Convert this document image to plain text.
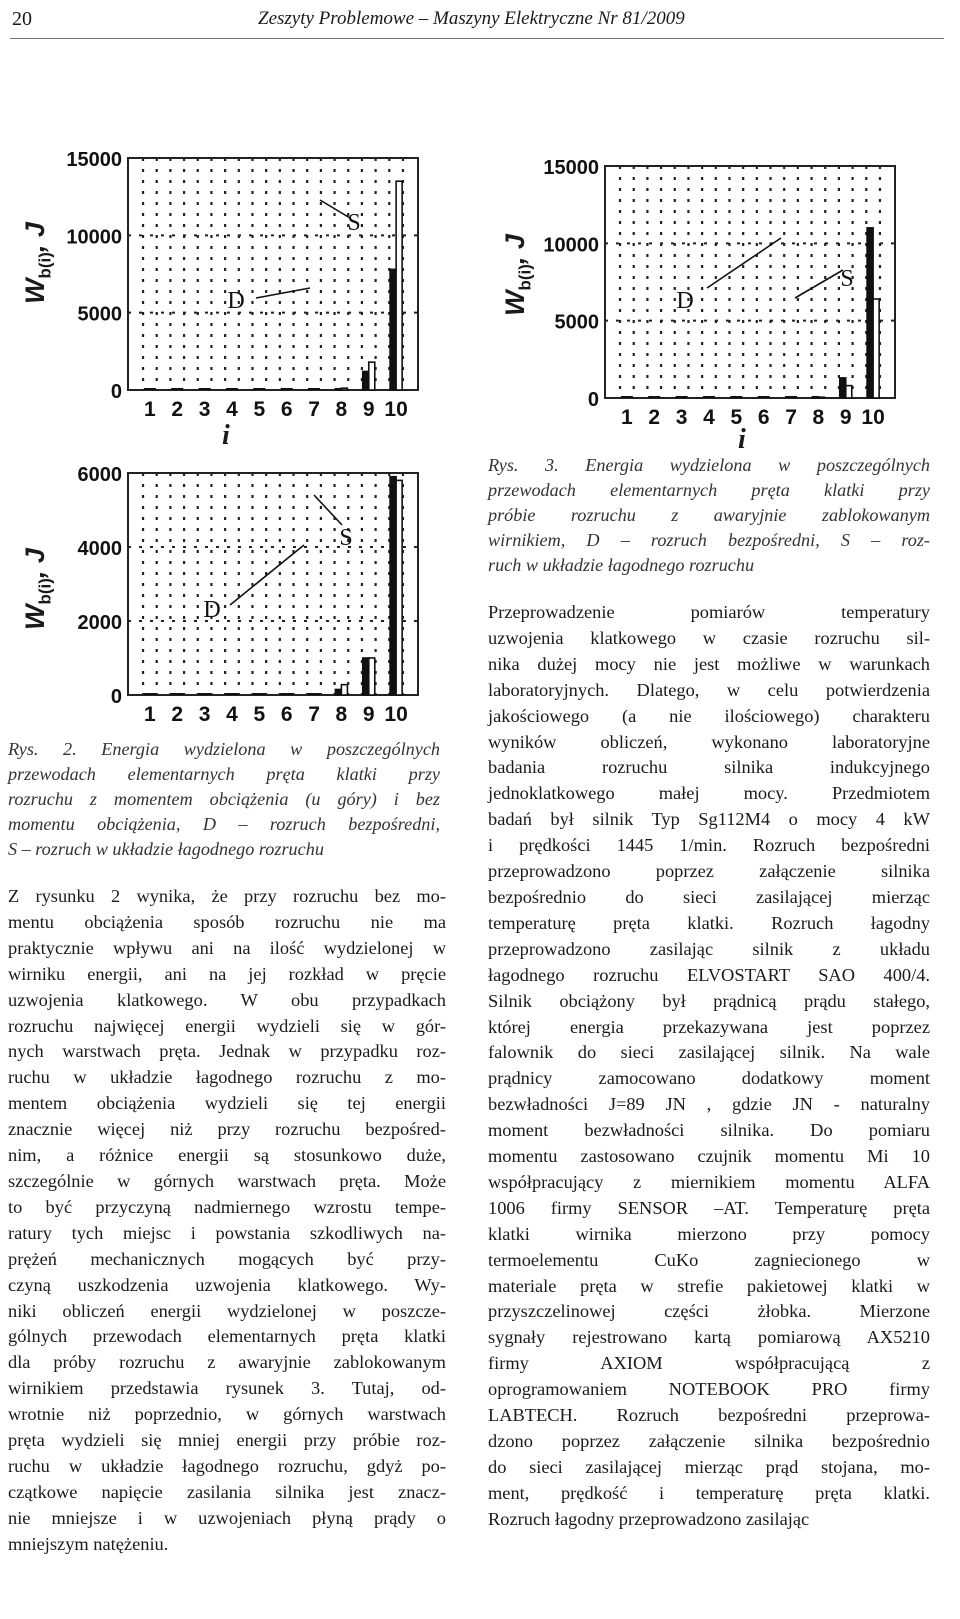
20	Zeszyty Problemowe – Maszyny Elektryczne Nr 81/2009
0
5000
10000
15000
1 2 3 4 5 6 7 8 9 10
D
S
$W_{b(i)}$, J
i
0
2000
4000
6000
1 2 3 4 5 6 7 8 9 10
D
S
$W_{b(i)}$, J
0
5000
10000
15000
1 2 3 4 5 6 7 8 9 10
D
S
$W_{b(i)}$, J
i
Rys. 2. Energia wydzielona w poszczególnych
przewodach elementarnych pręta klatki przy
rozruchu z momentem obciążenia (u góry) i bez
momentu obciążenia, D – rozruch bezpośredni,
S – rozruch w układzie łagodnego rozruchu
Rys. 3. Energia wydzielona w poszczególnych
przewodach elementarnych pręta klatki przy
próbie rozruchu z awaryjnie zablokowanym
wirnikiem, D – rozruch bezpośredni, S – roz-
ruch w układzie łagodnego rozruchu
Z rysunku 2 wynika, że przy rozruchu bez mo-
mentu obciążenia sposób rozruchu nie ma
praktycznie wpływu ani na ilość wydzielonej w
wirniku energii, ani na jej rozkład w pręcie
uzwojenia klatkowego. W obu przypadkach
rozruchu najwięcej energii wydzieli się w gór-
nych warstwach pręta. Jednak w przypadku roz-
ruchu w układzie łagodnego rozruchu z mo-
mentem obciążenia wydzieli się tej energii
znacznie więcej niż przy rozruchu bezpośred-
nim, a różnice energii są stosunkowo duże,
szczególnie w górnych warstwach pręta. Może
to być przyczyną nadmiernego wzrostu tempe-
ratury tych miejsc i powstania szkodliwych na-
prężeń mechanicznych mogących być przy-
czyną uszkodzenia uzwojenia klatkowego. Wy-
niki obliczeń energii wydzielonej w poszcze-
gólnych przewodach elementarnych pręta klatki
dla próby rozruchu z awaryjnie zablokowanym
wirnikiem przedstawia rysunek 3. Tutaj, od-
wrotnie niż poprzednio, w górnych warstwach
pręta wydzieli się mniej energii przy próbie roz-
ruchu w układzie łagodnego rozruchu, gdyż po-
czątkowe napięcie zasilania silnika jest znacz-
nie mniejsze i w uzwojeniach płyną prądy o
mniejszym natężeniu.
Przeprowadzenie pomiarów temperatury
uzwojenia klatkowego w czasie rozruchu sil-
nika dużej mocy nie jest możliwe w warunkach
laboratoryjnych. Dlatego, w celu potwierdzenia
jakościowego (a nie ilościowego) charakteru
wyników obliczeń, wykonano laboratoryjne
badania rozruchu silnika indukcyjnego
jednoklatkowego małej mocy. Przedmiotem
badań był silnik Typ Sg112M4 o mocy 4 kW
i prędkości 1445 1/min. Rozruch bezpośredni
przeprowadzono poprzez załączenie silnika
bezpośrednio do sieci zasilającej mierząc
temperaturę pręta klatki. Rozruch łagodny
przeprowadzono zasilając silnik z układu
łagodnego rozruchu ELVOSTART SAO 400/4.
Silnik obciążony był prądnicą prądu stałego,
której energia przekazywana jest poprzez
falownik do sieci zasilającej silnik. Na wale
prądnicy zamocowano dodatkowy moment
bezwładności J=89 JN , gdzie JN - naturalny
moment bezwładności silnika. Do pomiaru
momentu zastosowano czujnik momentu Mi 10
współpracujący z miernikiem momentu ALFA
1006 firmy SENSOR –AT. Temperaturę pręta
klatki wirnika mierzono przy pomocy
termoelementu CuKo zagniecionego w
materiale pręta w strefie pakietowej klatki w
przyszczelinowej części żłobka. Mierzone
sygnały rejestrowano kartą pomiarową AX5210
firmy AXIOM współpracującą z
oprogramowaniem NOTEBOOK PRO firmy
LABTECH. Rozruch bezpośredni przeprowa-
dzono poprzez załączenie silnika bezpośrednio
do sieci zasilającej mierząc prąd stojana, mo-
ment, prędkość i temperaturę pręta klatki.
Rozruch łagodny przeprowadzono zasilając
